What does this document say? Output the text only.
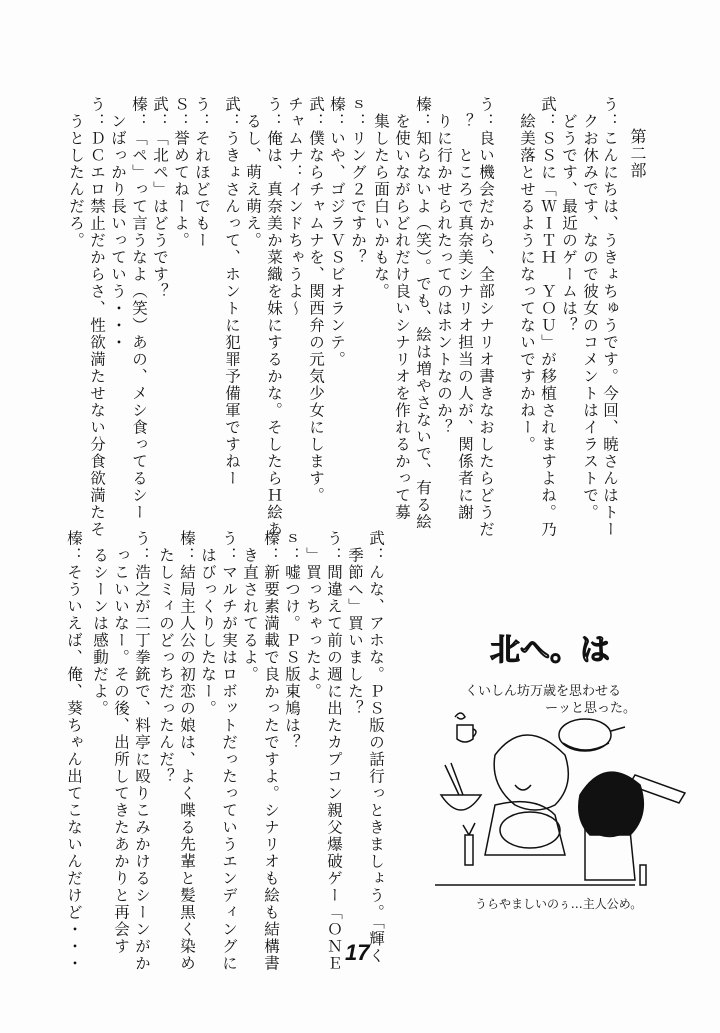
第二部
う：こんにちは、うきょちゅうです。今回、暁さんはトー
　クお休みです、なので彼女のコメントはイラストで。
　どうです、最近のゲームは？
武：ＳＳに「ＷＩＴＨ　ＹＯＵ」が移植されますよね。乃
　絵美落とせるようになってないですかねー。
う：良い機会だから、全部シナリオ書きなおしたらどうだ
　？　ところで真奈美シナリオ担当の人が、関係者に謝
　りに行かせられたってのはホントなのか？
榛：知らないよ（笑）。でも、絵は増やさないで、有る絵
　を使いながらどれだけ良いシナリオを作れるかって募
　集したら面白いかもな。
ｓ：リング２ですか？
榛：いや、ゴジラＶＳビオランテ。
武：僕ならチャムナを、関西弁の元気少女にします。
チャムナ：インドちゃうよ～
う：俺は、真奈美か菜織を妹にするかな。そしたらＨ絵あ
　るし、萌え萌え。
武：うきょさんって、ホントに犯罪予備軍ですねー
う：それほどでもー
Ｓ：誉めてねーよ。
武：「北ペ」はどうです？
榛：「ペ」って言うなよ（笑）あの、メシ食ってるシー
　ンばっかり長いっていう・・・
う：ＤＣエロ禁止だからさ、性欲満たせない分食欲満たそ
　うとしたんだろ。
武：んな、アホな。ＰＳ版の話行っときましょう。「輝く
　季節へ」買いました？
う：間違えて前の週に出たカプコン親父爆破ゲー「ＯＮＥ
　」買っちゃったよ。
ｓ：嘘つけ。ＰＳ版東鳩は？
榛：新要素満載で良かったですよ。シナリオも絵も結構書
　き直されてるよ。
う：マルチが実はロボットだったっていうエンディングに
　はびっくりしたなー。
榛：結局主人公の初恋の娘は、よく喋る先輩と髪黒く染め
　たしミィのどっちだったんだ？
う：浩之が二丁拳銃で、料亭に殴りこみかけるシーンがか
　っこいいなー。その後、出所してきたあかりと再会す
　るシーンは感動だよ。
榛：そういえば、俺、葵ちゃん出てこないんだけど・・・	北へ。は
くいしん坊万歳を思わせる
ーッと思った。
うらやましいのぅ…主人公め。
17
